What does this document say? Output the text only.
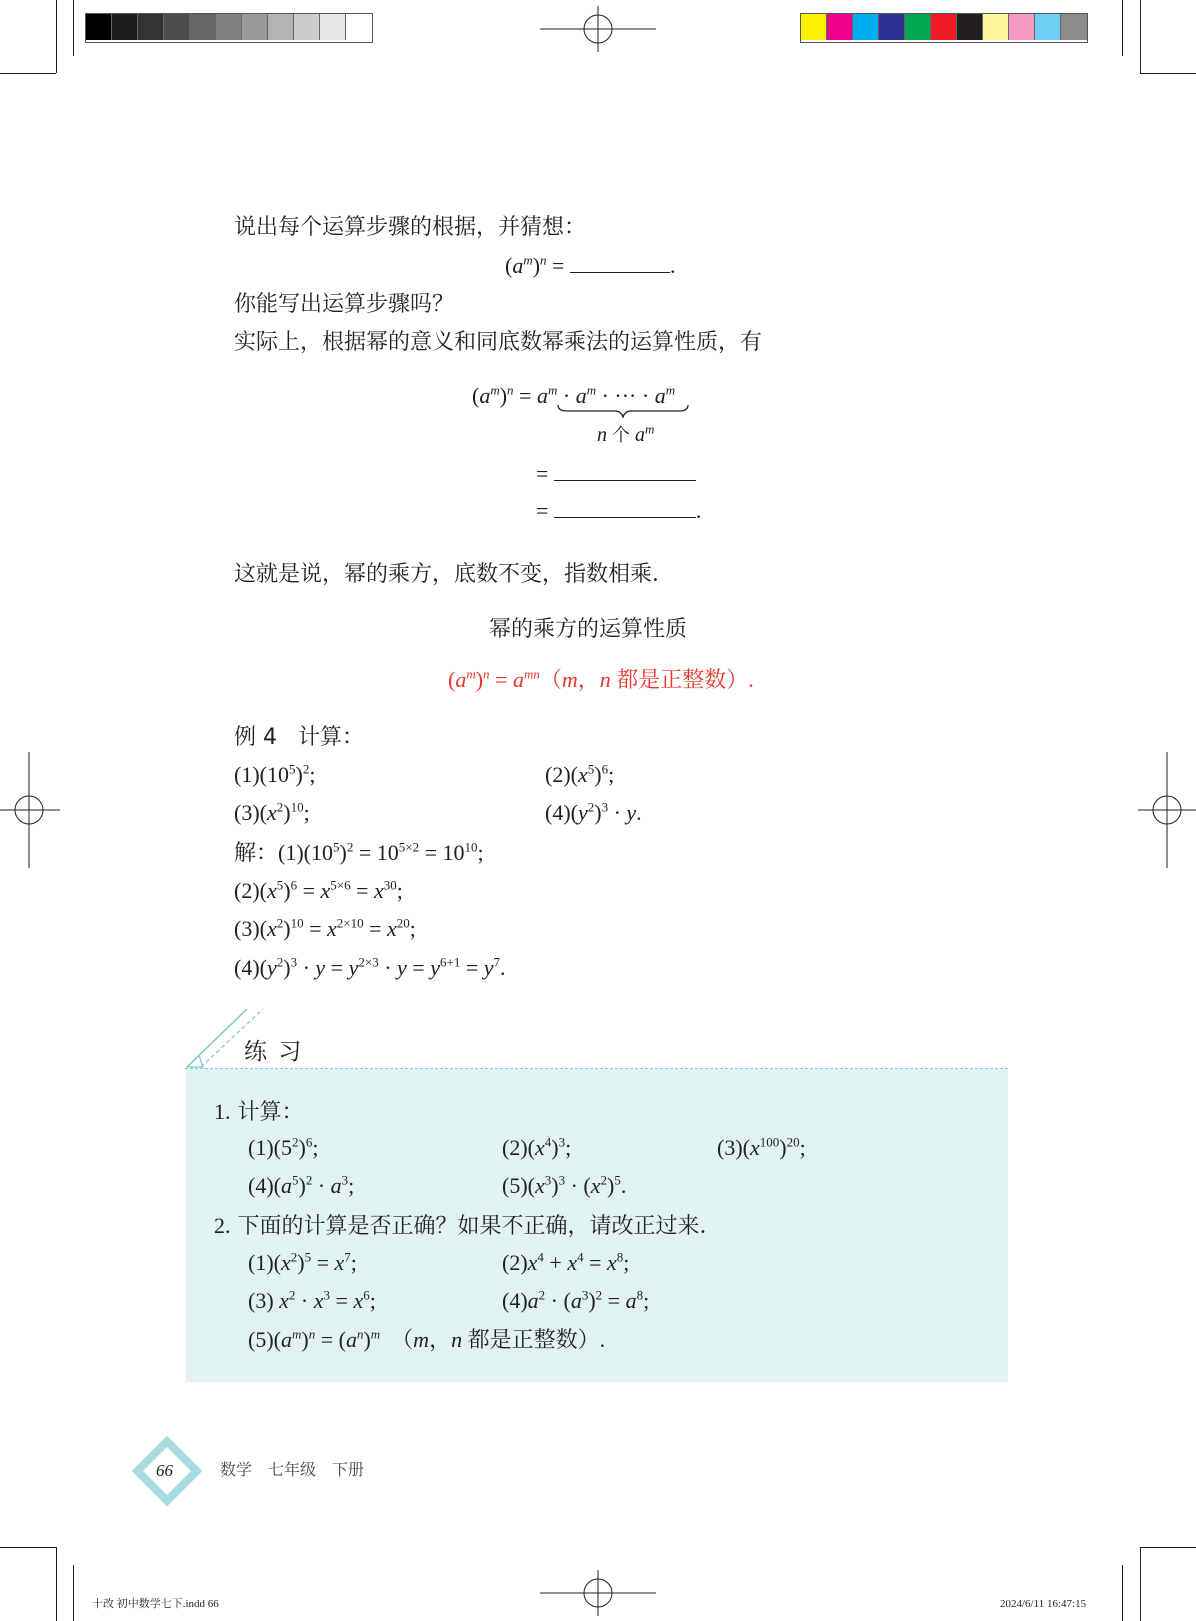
说出每个运算步骤的根据，并猜想：
$(a^m)^n$ =	.
你能写出运算步骤吗？
实际上，根据幂的意义和同底数幂乘法的运算性质，有
$(a^m)^n = a^m \cdot a^m$ · ··· · $a^m$
n 个 $a^m$
=
=	.
这就是说，幂的乘方，底数不变，指数相乘．
幂的乘方的运算性质
$(a^m)^n = a^{mn}(m$，n 都是正整数）.
例 4 计算：
$(1)(10^5)^2$;	$(2)(x^5)^6$;
$(3)(x^2)^{10}$;	$(4)(y^2)^3 \cdot y$.
解：$(1)(10^5)^2 = 10^{5\times 2} = 10^{10}$;
$(2)(x^5)^6 = x^{5\times 6} = x^{30}$;
$(3)(x^2)^{10} = x^{2\times 10} = x^{20}$;
$(4)(y^2)^3 \cdot y = y^{2\times 3} \cdot y = y^{6+1} = y^7$.
练 习
1. 计算：
$(1)(5^2)^6$;	$(2)(x^4)^3$;	$(3)(x^{100})^{20}$;
$(4)(a^5)^2 \cdot a^3$;	$(5)(x^3)^3 \cdot (x^2)^5$.
2. 下面的计算是否正确？如果不正确，请改正过来．
$(1)(x^2)^5 = x^7$;	$(2)x^4 + x^4 = x^8$;
(3) $x^2 \cdot x^3 = x^6$;	$(4)a^2 \cdot (a^3)^2 = a^8$;
$(5)(a^m)^n = (a^n)^m$  （m，n 都是正整数）.
66	数学　七年级　下册
十改 初中数学七下.indd 66	2024/6/11 16:47:15
